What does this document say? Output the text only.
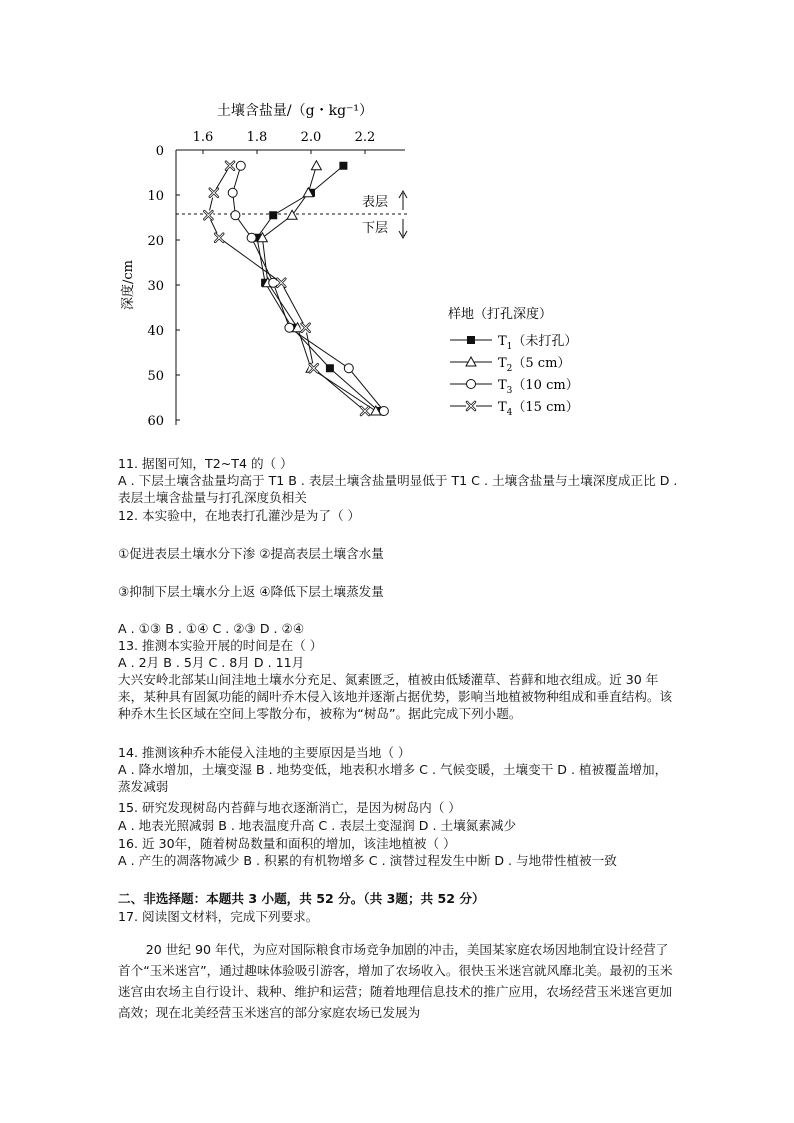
土壤含盐量/（g・kg⁻¹）
1.6	1.8	2.0	2.2
0
10
20
30
40
50
60
深度/cm
表层
下层
样地（打孔深度）
$T_1$（未打孔）
$T_2(5$ cm）
$T_3(10$ cm）
$T_4(15$ cm）
11. 据图可知，T2~T4 的（ ）
A . 下层土壤含盐量均高于 T1 B . 表层土壤含盐量明显低于 T1 C . 土壤含盐量与土壤深度成正比 D . 表层土壤含盐量与打孔深度负相关
12. 本实验中，在地表打孔灌沙是为了（ ）
①促进表层土壤水分下渗 ②提高表层土壤含水量
③抑制下层土壤水分上返 ④降低下层土壤蒸发量
A . ①③ B . ①④ C . ②③ D . ②④
13. 推测本实验开展的时间是在（ ）
A . 2月 B . 5月 C . 8月 D . 11月
大兴安岭北部某山间洼地土壤水分充足、氮素匮乏，植被由低矮灌草、苔藓和地衣组成。近 30 年来，某种具有固氮功能的阔叶乔木侵入该地并逐渐占据优势，影响当地植被物种组成和垂直结构。该种乔木生长区域在空间上零散分布，被称为“树岛”。据此完成下列小题。
14. 推测该种乔木能侵入洼地的主要原因是当地（ ）
A . 降水增加，土壤变湿 B . 地势变低，地表积水增多 C . 气候变暖，土壤变干 D . 植被覆盖增加，蒸发减弱
15. 研究发现树岛内苔藓与地衣逐渐消亡，是因为树岛内（ ）
A . 地表光照减弱 B . 地表温度升高 C . 表层土变湿润 D . 土壤氮素减少
16. 近 30年，随着树岛数量和面积的增加，该洼地植被（ ）
A . 产生的凋落物减少 B . 积累的有机物增多 C . 演替过程发生中断 D . 与地带性植被一致
二、非选择题：本题共 3 小题，共 52 分。（共 3题；共 52 分）
17. 阅读图文材料，完成下列要求。
20 世纪 90 年代，为应对国际粮食市场竞争加剧的冲击，美国某家庭农场因地制宜设计经营了首个“玉米迷宫”，通过趣味体验吸引游客，增加了农场收入。很快玉米迷宫就风靡北美。最初的玉米迷宫由农场主自行设计、栽种、维护和运营；随着地理信息技术的推广应用，农场经营玉米迷宫更加高效；现在北美经营玉米迷宫的部分家庭农场已发展为
